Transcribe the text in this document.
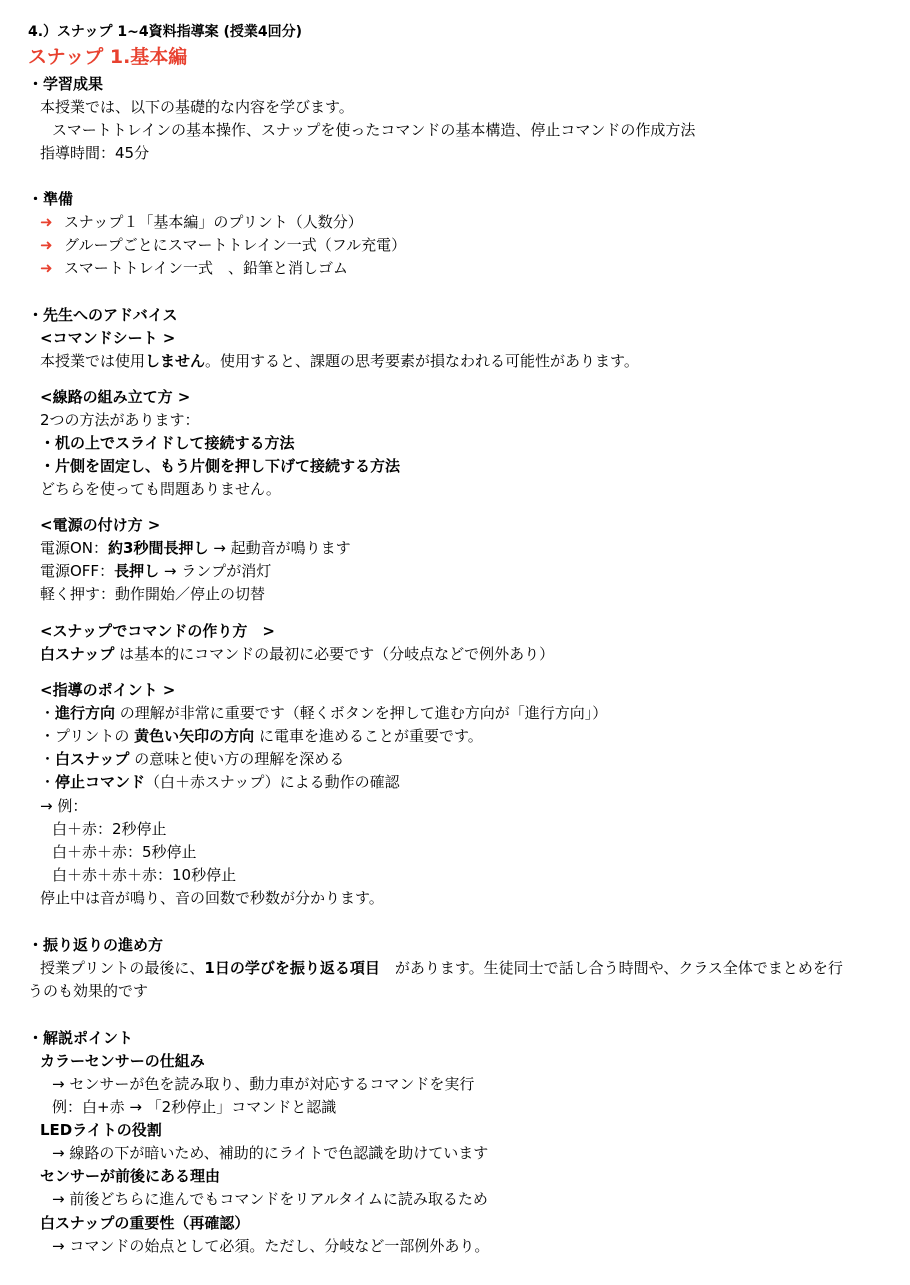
4.）スナップ 1~4資料指導案 (授業4回分)
スナップ 1.基本編
・学習成果
本授業では、以下の基礎的な内容を学びます。
スマートトレインの基本操作、スナップを使ったコマンドの基本構造、停止コマンドの作成方法
指導時間：45分
・準備
➜ スナップ１「基本編」のプリント（人数分）
➜ グループごとにスマートトレイン一式（フル充電）
➜ スマートトレイン一式　、鉛筆と消しゴム
・先生へのアドバイス
<コマンドシート >
本授業では使用しません。使用すると、課題の思考要素が損なわれる可能性があります。
<線路の組み立て方 >
2つの方法があります：
・机の上でスライドして接続する方法
・片側を固定し、もう片側を押し下げて接続する方法
どちらを使っても問題ありません。
<電源の付け方 >
電源ON：約3秒間長押し → 起動音が鳴ります
電源OFF：長押し → ランプが消灯
軽く押す：動作開始／停止の切替
<スナップでコマンドの作り方　>
白スナップ は基本的にコマンドの最初に必要です（分岐点などで例外あり）
<指導のポイント >
・進行方向 の理解が非常に重要です（軽くボタンを押して進む方向が「進行方向」）
・プリントの 黄色い矢印の方向 に電車を進めることが重要です。
・白スナップ の意味と使い方の理解を深める
・停止コマンド（白＋赤スナップ）による動作の確認
→ 例：
白＋赤：2秒停止
白＋赤＋赤：5秒停止
白＋赤＋赤＋赤：10秒停止
停止中は音が鳴り、音の回数で秒数が分かります。
・振り返りの進め方
授業プリントの最後に、1日の学びを振り返る項目　があります。生徒同士で話し合う時間や、クラス全体でまとめを行
うのも効果的です
・解説ポイント
カラーセンサーの仕組み
→ センサーが色を読み取り、動力車が対応するコマンドを実行
例：白+赤 → 「2秒停止」コマンドと認識
LEDライトの役割
→ 線路の下が暗いため、補助的にライトで色認識を助けています
センサーが前後にある理由
→ 前後どちらに進んでもコマンドをリアルタイムに読み取るため
白スナップの重要性（再確認）
→ コマンドの始点として必須。ただし、分岐など一部例外あり。
